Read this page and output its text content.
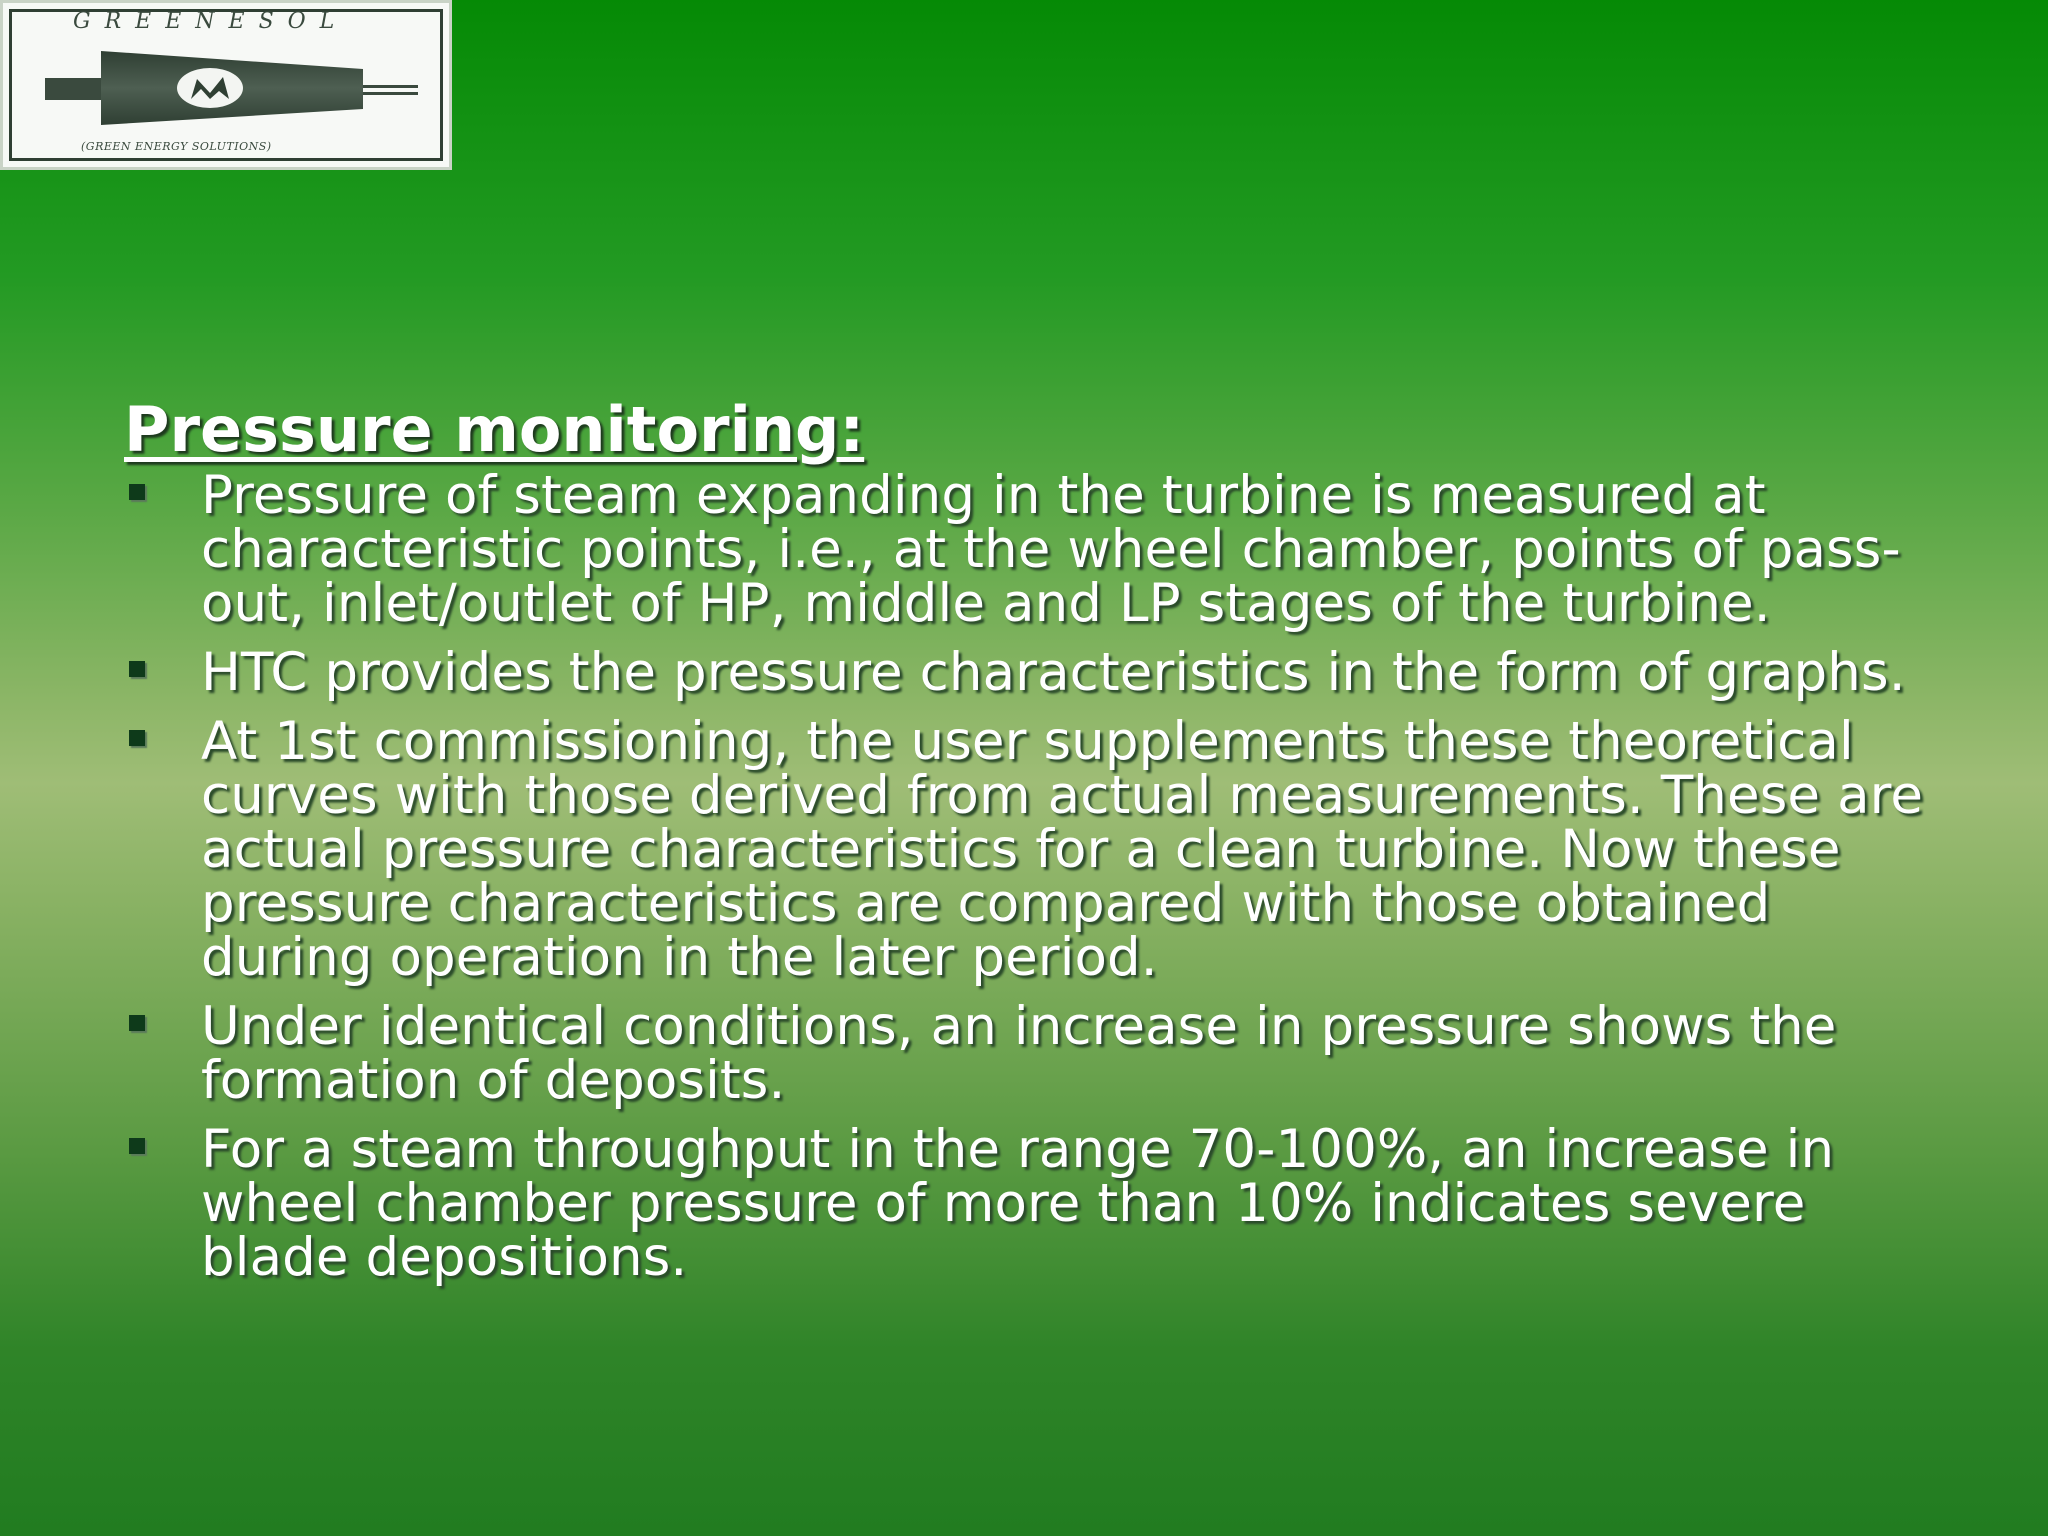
GREENESOL
(GREEN ENERGY SOLUTIONS)
Pressure monitoring:
Pressure of steam expanding in the turbine is measured at characteristic points, i.e., at the wheel chamber, points of pass-out, inlet/outlet of HP, middle and LP stages of the turbine.
HTC provides the pressure characteristics in the form of graphs.
At 1st commissioning, the user supplements these theoretical curves with those derived from actual measurements. These are actual pressure characteristics for a clean turbine. Now these pressure characteristics are compared with those obtained during operation in the later period.
Under identical conditions, an increase in pressure shows the formation of deposits.
For a steam throughput in the range 70-100%, an increase in wheel chamber pressure of more than 10% indicates severe blade depositions.
